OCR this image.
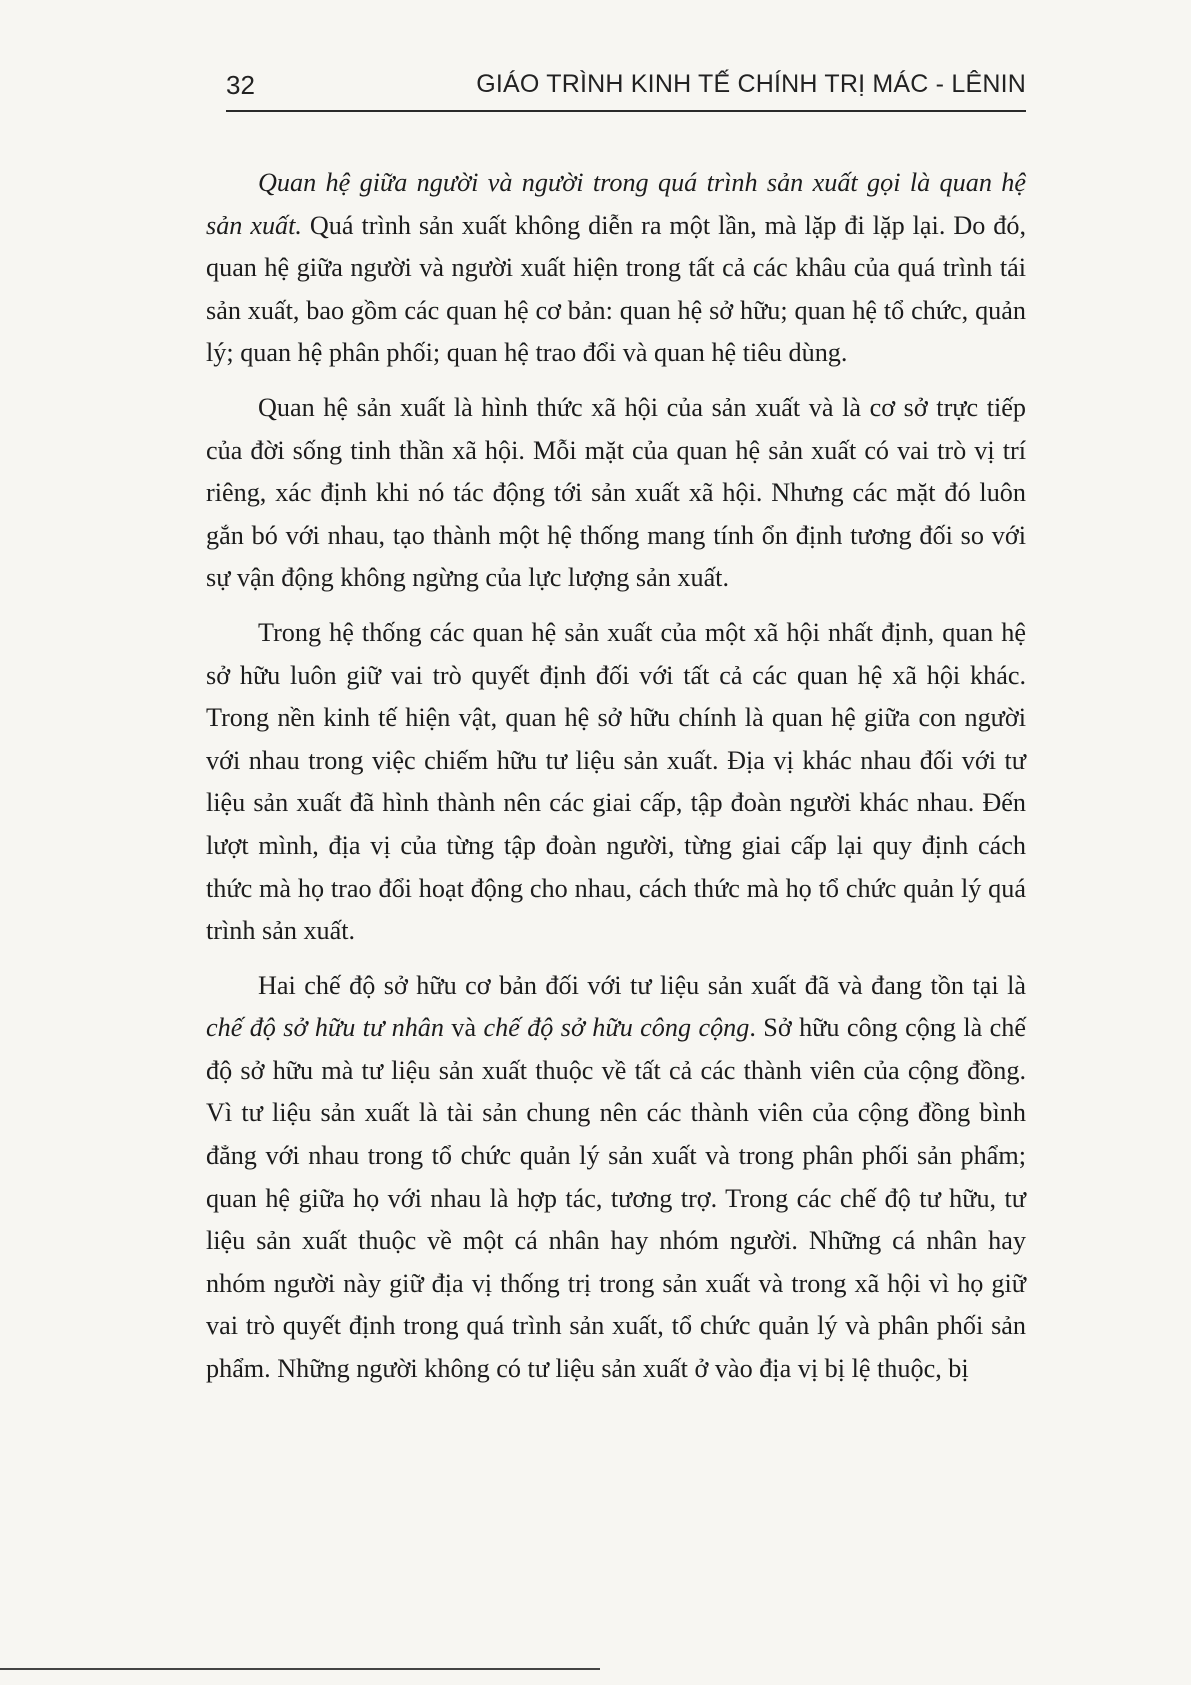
32	GIÁO TRÌNH KINH TẾ CHÍNH TRỊ MÁC - LÊNIN

Quan hệ giữa người và người trong quá trình sản xuất gọi là quan hệ sản xuất. Quá trình sản xuất không diễn ra một lần, mà lặp đi lặp lại. Do đó, quan hệ giữa người và người xuất hiện trong tất cả các khâu của quá trình tái sản xuất, bao gồm các quan hệ cơ bản: quan hệ sở hữu; quan hệ tổ chức, quản lý; quan hệ phân phối; quan hệ trao đổi và quan hệ tiêu dùng.

Quan hệ sản xuất là hình thức xã hội của sản xuất và là cơ sở trực tiếp của đời sống tinh thần xã hội. Mỗi mặt của quan hệ sản xuất có vai trò vị trí riêng, xác định khi nó tác động tới sản xuất xã hội. Nhưng các mặt đó luôn gắn bó với nhau, tạo thành một hệ thống mang tính ổn định tương đối so với sự vận động không ngừng của lực lượng sản xuất.

Trong hệ thống các quan hệ sản xuất của một xã hội nhất định, quan hệ sở hữu luôn giữ vai trò quyết định đối với tất cả các quan hệ xã hội khác. Trong nền kinh tế hiện vật, quan hệ sở hữu chính là quan hệ giữa con người với nhau trong việc chiếm hữu tư liệu sản xuất. Địa vị khác nhau đối với tư liệu sản xuất đã hình thành nên các giai cấp, tập đoàn người khác nhau. Đến lượt mình, địa vị của từng tập đoàn người, từng giai cấp lại quy định cách thức mà họ trao đổi hoạt động cho nhau, cách thức mà họ tổ chức quản lý quá trình sản xuất.

Hai chế độ sở hữu cơ bản đối với tư liệu sản xuất đã và đang tồn tại là chế độ sở hữu tư nhân và chế độ sở hữu công cộng. Sở hữu công cộng là chế độ sở hữu mà tư liệu sản xuất thuộc về tất cả các thành viên của cộng đồng. Vì tư liệu sản xuất là tài sản chung nên các thành viên của cộng đồng bình đẳng với nhau trong tổ chức quản lý sản xuất và trong phân phối sản phẩm; quan hệ giữa họ với nhau là hợp tác, tương trợ. Trong các chế độ tư hữu, tư liệu sản xuất thuộc về một cá nhân hay nhóm người. Những cá nhân hay nhóm người này giữ địa vị thống trị trong sản xuất và trong xã hội vì họ giữ vai trò quyết định trong quá trình sản xuất, tổ chức quản lý và phân phối sản phẩm. Những người không có tư liệu sản xuất ở vào địa vị bị lệ thuộc, bị
